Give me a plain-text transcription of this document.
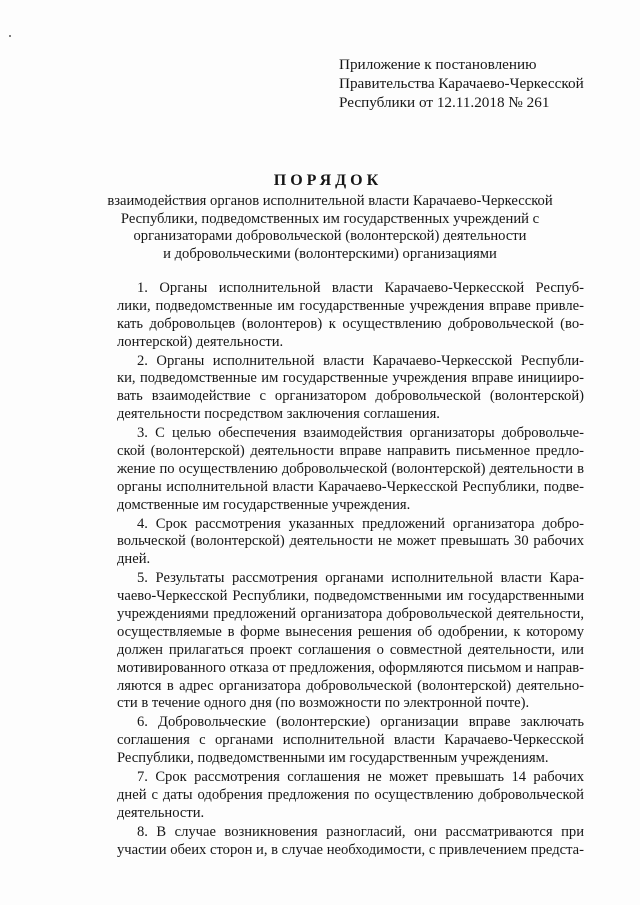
Приложение к постановлению
Правительства Карачаево-Черкесской
Республики от 12.11.2018 № 261
ПОРЯДОК
взаимодействия органов исполнительной власти Карачаево-Черкесской
Республики, подведомственных им государственных учреждений с
организаторами добровольческой (волонтерской) деятельности
и добровольческими (волонтерскими) организациями
1. Органы исполнительной власти Карачаево-Черкесской Респуб-
лики, подведомственные им государственные учреждения вправе привле-
кать добровольцев (волонтеров) к осуществлению добровольческой (во-
лонтерской) деятельности.
2. Органы исполнительной власти Карачаево-Черкесской Республи-
ки, подведомственные им государственные учреждения вправе иницииро-
вать взаимодействие с организатором добровольческой (волонтерской)
деятельности посредством заключения соглашения.
3. С целью обеспечения взаимодействия организаторы добровольче-
ской (волонтерской) деятельности вправе направить письменное предло-
жение по осуществлению добровольческой (волонтерской) деятельности в
органы исполнительной власти Карачаево-Черкесской Республики, подве-
домственные им государственные учреждения.
4. Срок рассмотрения указанных предложений организатора добро-
вольческой (волонтерской) деятельности не может превышать 30 рабочих
дней.
5. Результаты рассмотрения органами исполнительной власти Кара-
чаево-Черкесской Республики, подведомственными им государственными
учреждениями предложений организатора добровольческой деятельности,
осуществляемые в форме вынесения решения об одобрении, к которому
должен прилагаться проект соглашения о совместной деятельности, или
мотивированного отказа от предложения, оформляются письмом и направ-
ляются в адрес организатора добровольческой (волонтерской) деятельно-
сти в течение одного дня (по возможности по электронной почте).
6. Добровольческие (волонтерские) организации вправе заключать
соглашения с органами исполнительной власти Карачаево-Черкесской
Республики, подведомственными им государственным учреждениям.
7. Срок рассмотрения соглашения не может превышать 14 рабочих
дней с даты одобрения предложения по осуществлению добровольческой
деятельности.
8. В случае возникновения разногласий, они рассматриваются при
участии обеих сторон и, в случае необходимости, с привлечением предста-
